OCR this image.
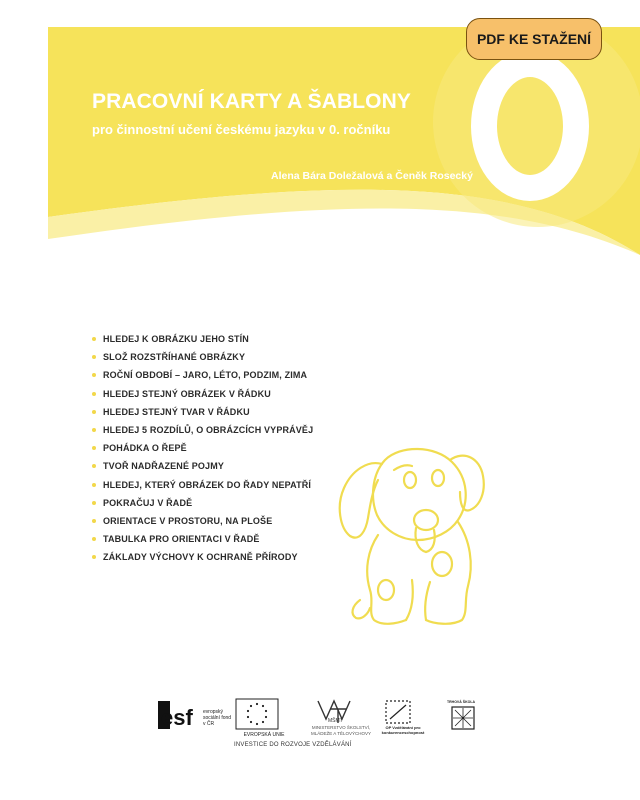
PRACOVNÍ KARTY A ŠABLONY
pro činnostní učení českému jazyku v 0. ročníku
Alena Bára Doležalová a Čeněk Rosecký
PDF KE STAŽENÍ
HLEDEJ K OBRÁZKU JEHO STÍN
SLOŽ ROZSTŘÍHANÉ OBRÁZKY
ROČNÍ OBDOBÍ – JARO, LÉTO, PODZIM, ZIMA
HLEDEJ STEJNÝ OBRÁZEK V ŘÁDKU
HLEDEJ STEJNÝ TVAR V ŘÁDKU
HLEDEJ 5 ROZDÍLŮ, O OBRÁZCÍCH VYPRÁVĚJ
POHÁDKA O ŘEPĚ
TVOŘ NADŘAZENÉ POJMY
HLEDEJ, KTERÝ OBRÁZEK DO ŘADY NEPATŘÍ
POKRAČUJ V ŘADĚ
ORIENTACE V PROSTORU, NA PLOŠE
TABULKA PRO ORIENTACI V ŘADĚ
ZÁKLADY VÝCHOVY K OCHRANĚ PŘÍRODY
esf	MŠMT
evropský sociální fond v ČR
EVROPSKÁ UNIE
MINISTERSTVO ŠKOLSTVÍ, MLÁDEŽE A TĚLOVÝCHOVY
OP Vzdělávání pro konkurenceschopnost
TRHOVÁ ŠKOLA
INVESTICE DO ROZVOJE VZDĚLÁVÁNÍ
